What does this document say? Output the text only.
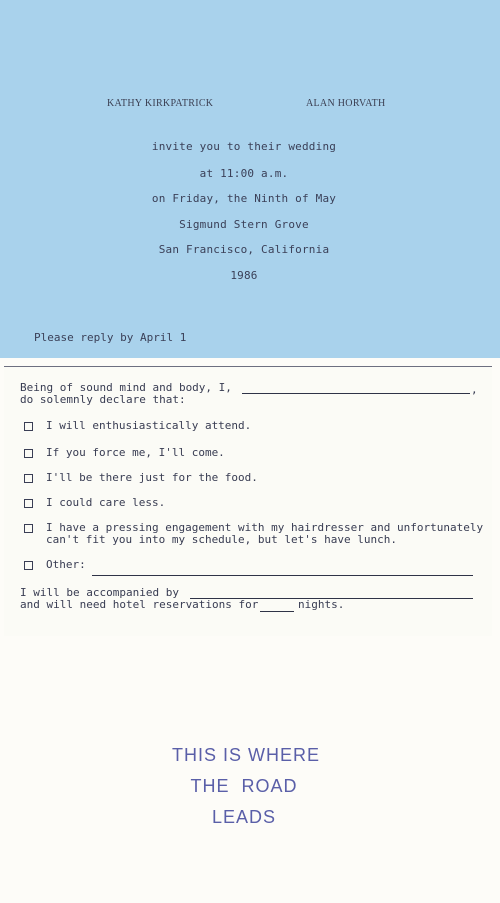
KATHY KIRKPATRICK	ALAN HORVATH
invite you to their wedding
at 11:00 a.m.
on Friday, the Ninth of May
Sigmund Stern Grove
San Francisco, California
1986
Please reply by April 1
Being of sound mind and body, I,	,
do solemnly declare that:
I will enthusiastically attend.
If you force me, I'll come.
I'll be there just for the food.
I could care less.
I have a pressing engagement with my hairdresser and unfortunately
can't fit you into my schedule, but let's have lunch.
Other:
I will be accompanied by
and will need hotel reservations for	nights.
THIS IS WHERE
THE  ROAD
LEADS
